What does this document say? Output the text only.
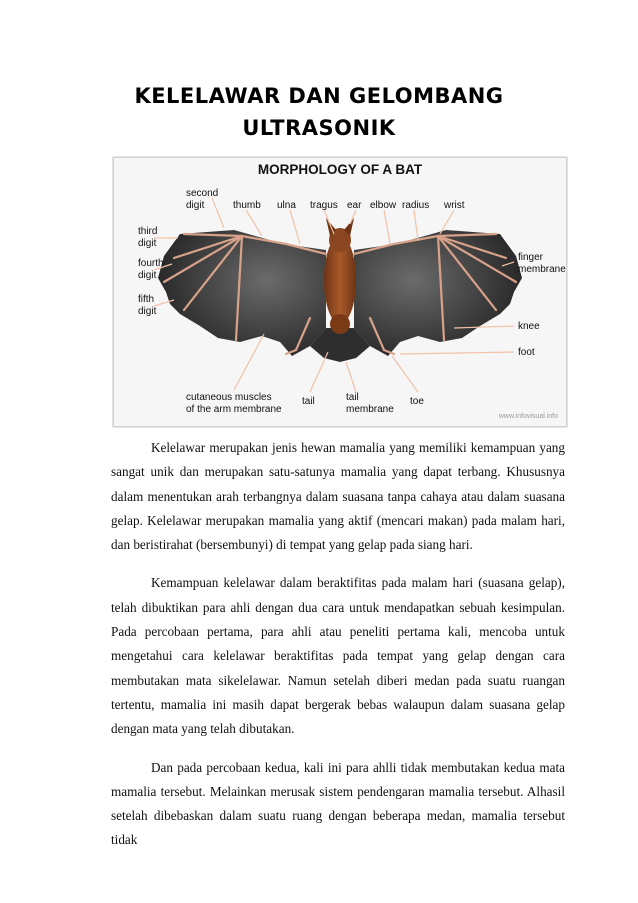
KELELAWAR DAN GELOMBANG
ULTRASONIK
MORPHOLOGY OF A BAT
second
digit	thumb ulna tragus ear elbow radius wrist
third
digit
fourth
digit
fifth
digit
finger
membrane
knee
foot
cutaneous muscles
of the arm membrane
tail	tail
membrane
toe
www.infovisual.info

Kelelawar merupakan jenis hewan mamalia yang memiliki kemampuan yang sangat unik dan merupakan satu-satunya mamalia yang dapat terbang. Khususnya dalam menentukan arah terbangnya dalam suasana tanpa cahaya atau dalam suasana gelap. Kelelawar merupakan mamalia yang aktif (mencari makan) pada malam hari, dan beristirahat (bersembunyi) di tempat yang gelap pada siang hari.

Kemampuan kelelawar dalam beraktifitas pada malam hari (suasana gelap), telah dibuktikan para ahli dengan dua cara untuk mendapatkan sebuah kesimpulan. Pada percobaan pertama, para ahli atau peneliti pertama kali, mencoba untuk mengetahui cara kelelawar beraktifitas pada tempat yang gelap dengan cara membutakan mata sikelelawar. Namun setelah diberi medan pada suatu ruangan tertentu, mamalia ini masih dapat bergerak bebas walaupun dalam suasana gelap dengan mata yang telah dibutakan.

Dan pada percobaan kedua, kali ini para ahlli tidak membutakan kedua mata mamalia tersebut. Melainkan merusak sistem pendengaran mamalia tersebut. Alhasil setelah dibebaskan dalam suatu ruang dengan beberapa medan, mamalia tersebut tidak
